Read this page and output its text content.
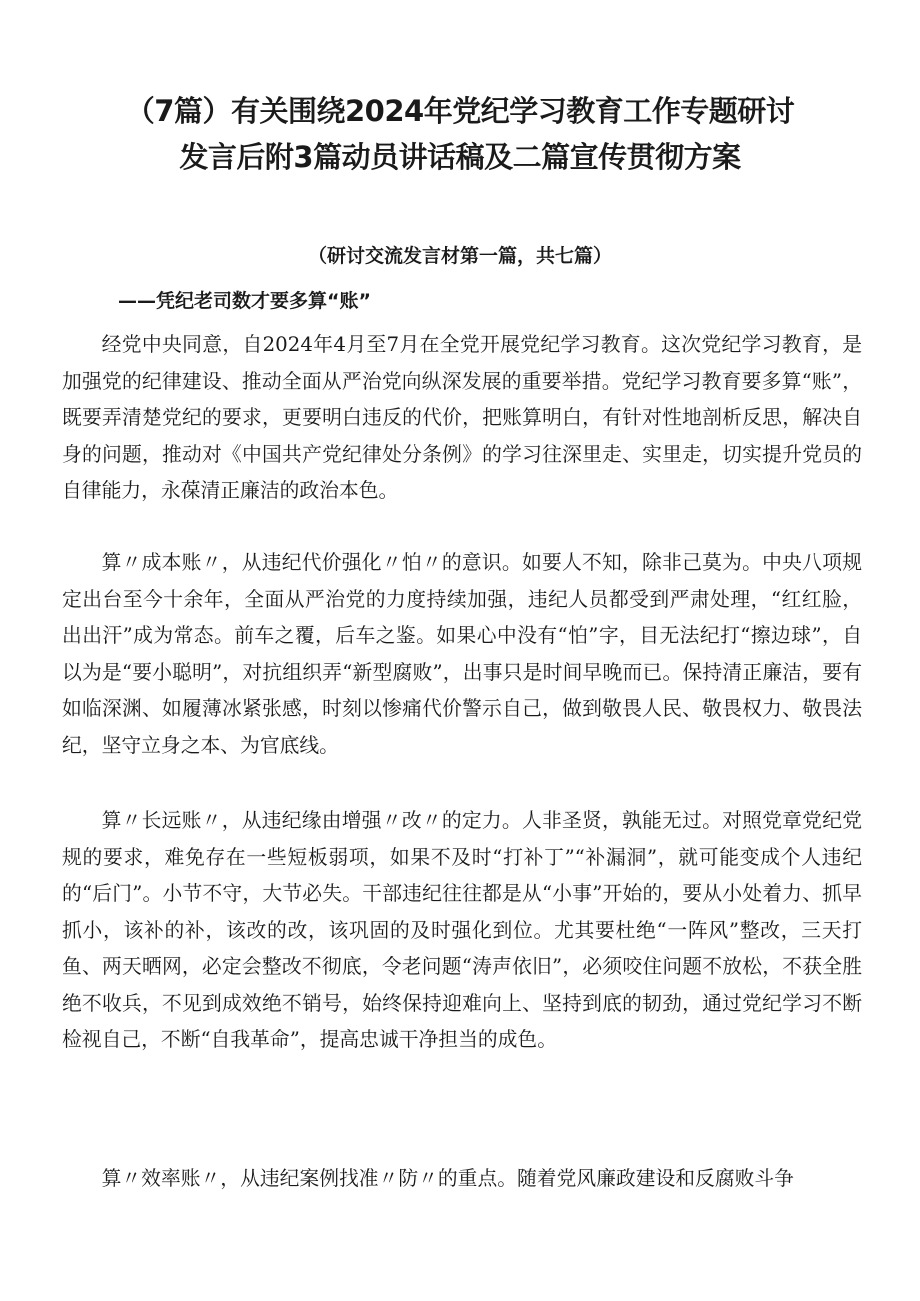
（7篇）有关围绕2024年党纪学习教育工作专题研讨
发言后附3篇动员讲话稿及二篇宣传贯彻方案
（研讨交流发言材第一篇，共七篇）
——凭纪老司数才要多算“账”

经党中央同意，自2024年4月至7月在全党开展党纪学习教育。这次党纪学习教育，是加强党的纪律建设、推动全面从严治党向纵深发展的重要举措。党纪学习教育要多算“账”，既要弄清楚党纪的要求，更要明白违反的代价，把账算明白，有针对性地剖析反思，解决自身的问题，推动对《中国共产党纪律处分条例》的学习往深里走、实里走，切实提升党员的自律能力，永葆清正廉洁的政治本色。

算〃成本账〃，从违纪代价强化〃怕〃的意识。如要人不知，除非己莫为。中央八项规定出台至今十余年，全面从严治党的力度持续加强，违纪人员都受到严肃处理，“红红脸，出出汗”成为常态。前车之覆，后车之鉴。如果心中没有“怕”字，目无法纪打“擦边球”，自以为是“要小聪明”，对抗组织弄“新型腐败”，出事只是时间早晚而已。保持清正廉洁，要有如临深渊、如履薄冰紧张感，时刻以惨痛代价警示自己，做到敬畏人民、敬畏权力、敬畏法纪，坚守立身之本、为官底线。

算〃长远账〃，从违纪缘由增强〃改〃的定力。人非圣贤，孰能无过。对照党章党纪党规的要求，难免存在一些短板弱项，如果不及时“打补丁”“补漏洞”，就可能变成个人违纪的“后门”。小节不守，大节必失。干部违纪往往都是从“小事”开始的，要从小处着力、抓早抓小，该补的补，该改的改，该巩固的及时强化到位。尤其要杜绝“一阵风”整改，三天打鱼、两天晒网，必定会整改不彻底，令老问题“涛声依旧”，必须咬住问题不放松，不获全胜绝不收兵，不见到成效绝不销号，始终保持迎难向上、坚持到底的韧劲，通过党纪学习不断检视自己，不断“自我革命”，提高忠诚干净担当的成色。

算〃效率账〃，从违纪案例找准〃防〃的重点。随着党风廉政建设和反腐败斗争
